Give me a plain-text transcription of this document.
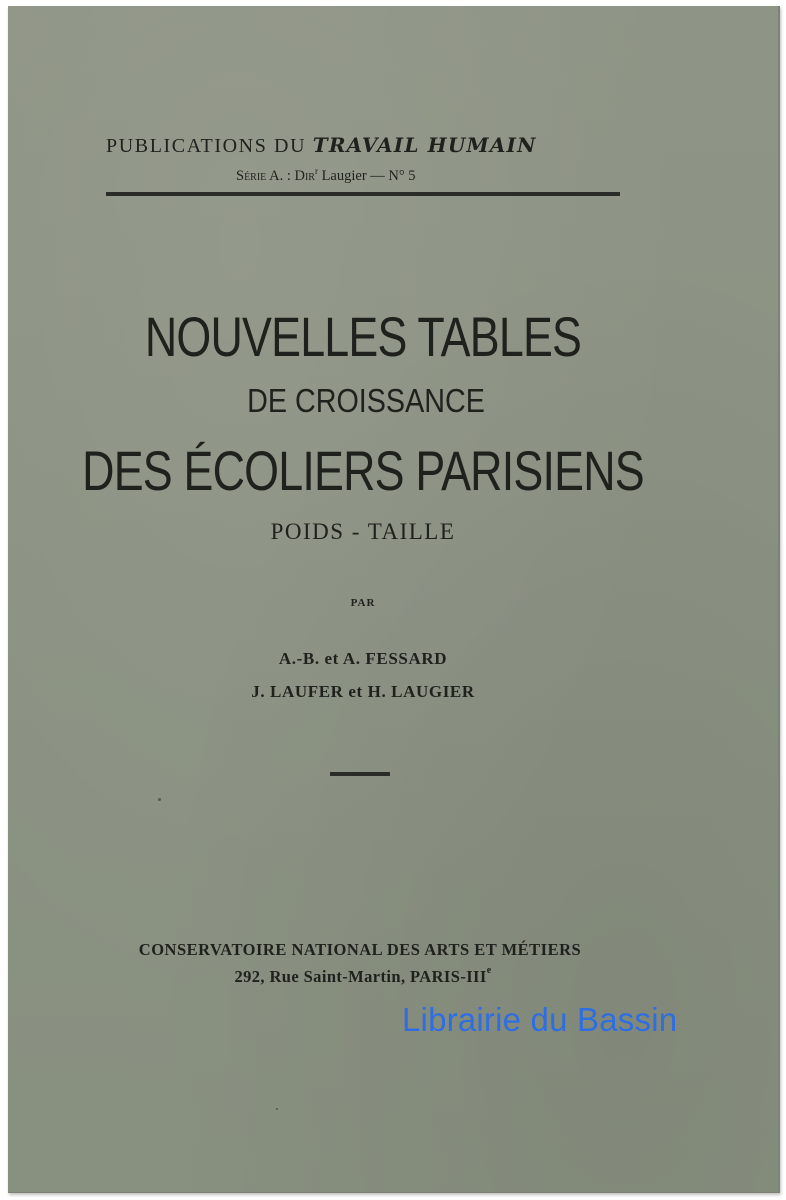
PUBLICATIONS DU TRAVAIL HUMAIN
Série A. : Dir$^r$ Laugier — N° 5
NOUVELLES TABLES
DE CROISSANCE
DES ÉCOLIERS PARISIENS
POIDS - TAILLE
PAR
A.-B. et A. FESSARD
J. LAUFER et H. LAUGIER
CONSERVATOIRE NATIONAL DES ARTS ET MÉTIERS
292, Rue Saint-Martin, PARIS-IIIe
Librairie du Bassin
